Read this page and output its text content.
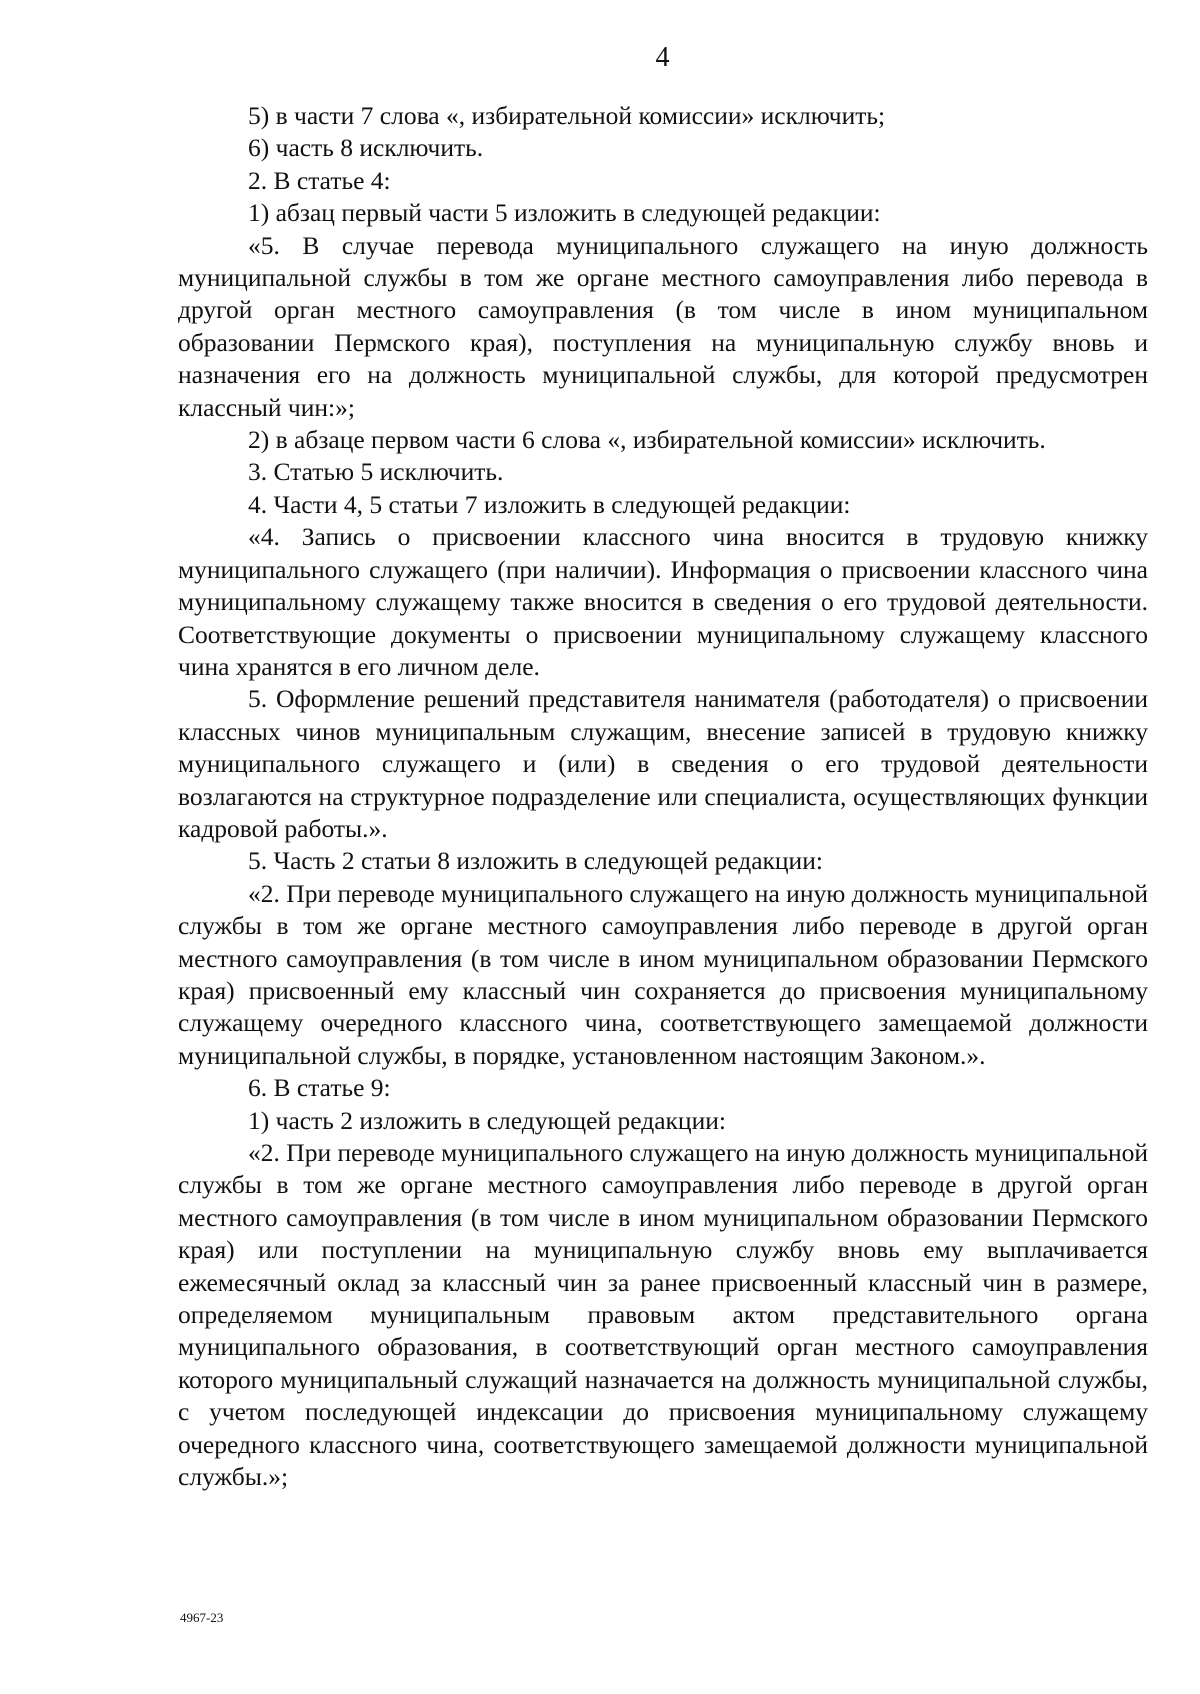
4

5) в части 7 слова «, избирательной комиссии» исключить;

6) часть 8 исключить.

2. В статье 4:

1) абзац первый части 5 изложить в следующей редакции:

«5. В случае перевода муниципального служащего на иную должность муниципальной службы в том же органе местного самоуправления либо перевода в другой орган местного самоуправления (в том числе в ином муниципальном образовании Пермского края), поступления на муниципальную службу вновь и назначения его на должность муниципальной службы, для которой предусмотрен классный чин:»;

2) в абзаце первом части 6 слова «, избирательной комиссии» исключить.

3. Статью 5 исключить.

4. Части 4, 5 статьи 7 изложить в следующей редакции:

«4. Запись о присвоении классного чина вносится в трудовую книжку муниципального служащего (при наличии). Информация о присвоении классного чина муниципальному служащему также вносится в сведения о его трудовой деятельности. Соответствующие документы о присвоении муниципальному служащему классного чина хранятся в его личном деле.

5. Оформление решений представителя нанимателя (работодателя) о присвоении классных чинов муниципальным служащим, внесение записей в трудовую книжку муниципального служащего и (или) в сведения о его трудовой деятельности возлагаются на структурное подразделение или специалиста, осуществляющих функции кадровой работы.».

5. Часть 2 статьи 8 изложить в следующей редакции:

«2. При переводе муниципального служащего на иную должность муниципальной службы в том же органе местного самоуправления либо переводе в другой орган местного самоуправления (в том числе в ином муниципальном образовании Пермского края) присвоенный ему классный чин сохраняется до присвоения муниципальному служащему очередного классного чина, соответствующего замещаемой должности муниципальной службы, в порядке, установленном настоящим Законом.».

6. В статье 9:

1) часть 2 изложить в следующей редакции:

«2. При переводе муниципального служащего на иную должность муниципальной службы в том же органе местного самоуправления либо переводе в другой орган местного самоуправления (в том числе в ином муниципальном образовании Пермского края) или поступлении на муниципальную службу вновь ему выплачивается ежемесячный оклад за классный чин за ранее присвоенный классный чин в размере, определяемом муниципальным правовым актом представительного органа муниципального образования, в соответствующий орган местного самоуправления которого муниципальный служащий назначается на должность муниципальной службы, с учетом последующей индексации до присвоения муниципальному служащему очередного классного чина, соответствующего замещаемой должности муниципальной службы.»;

4967-23
